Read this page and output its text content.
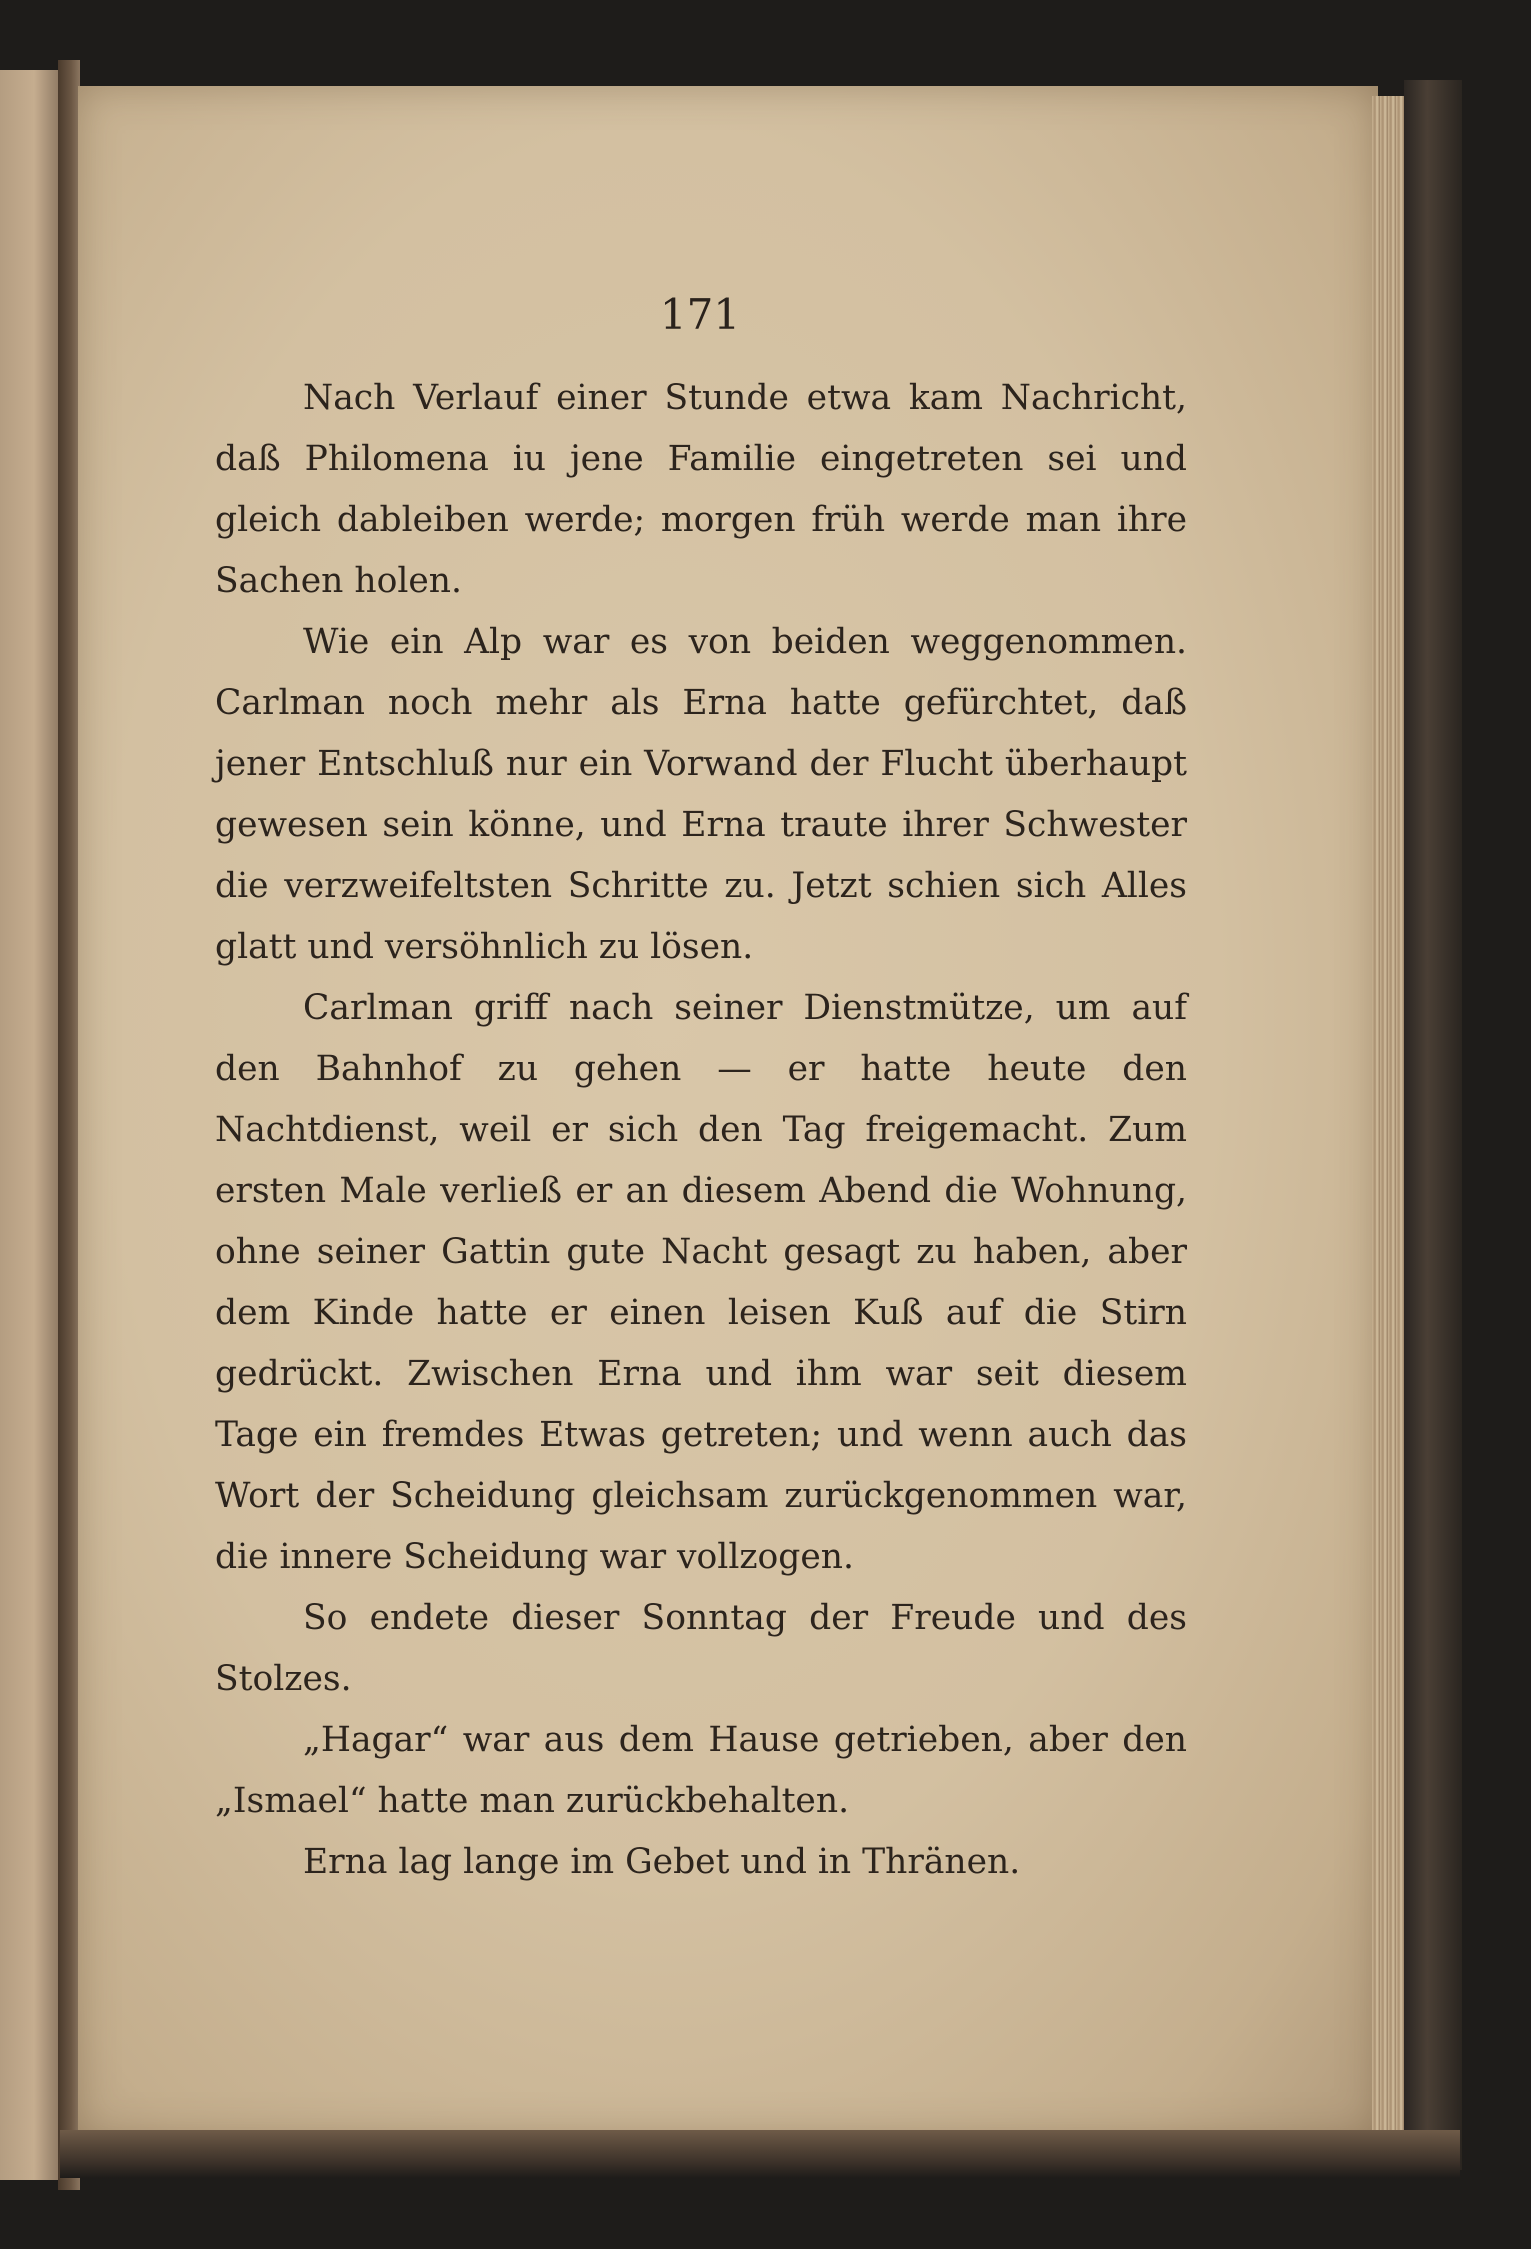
171

Nach Verlauf einer Stunde etwa kam Nachricht, daß Philomena iu jene Familie eingetreten sei und gleich dableiben werde; morgen früh werde man ihre Sachen holen.

Wie ein Alp war es von beiden weggenommen. Carlman noch mehr als Erna hatte gefürchtet, daß jener Entschluß nur ein Vorwand der Flucht überhaupt gewesen sein könne, und Erna traute ihrer Schwester die verzweifeltsten Schritte zu. Jetzt schien sich Alles glatt und versöhnlich zu lösen.

Carlman griff nach seiner Dienstmütze, um auf den Bahnhof zu gehen — er hatte heute den Nachtdienst, weil er sich den Tag freigemacht. Zum ersten Male verließ er an diesem Abend die Wohnung, ohne seiner Gattin gute Nacht gesagt zu haben, aber dem Kinde hatte er einen leisen Kuß auf die Stirn gedrückt. Zwischen Erna und ihm war seit diesem Tage ein fremdes Etwas getreten; und wenn auch das Wort der Scheidung gleichsam zurückgenommen war, die innere Scheidung war vollzogen.

So endete dieser Sonntag der Freude und des Stolzes.

„Hagar“ war aus dem Hause getrieben, aber den „Ismael“ hatte man zurückbehalten.

Erna lag lange im Gebet und in Thränen.
